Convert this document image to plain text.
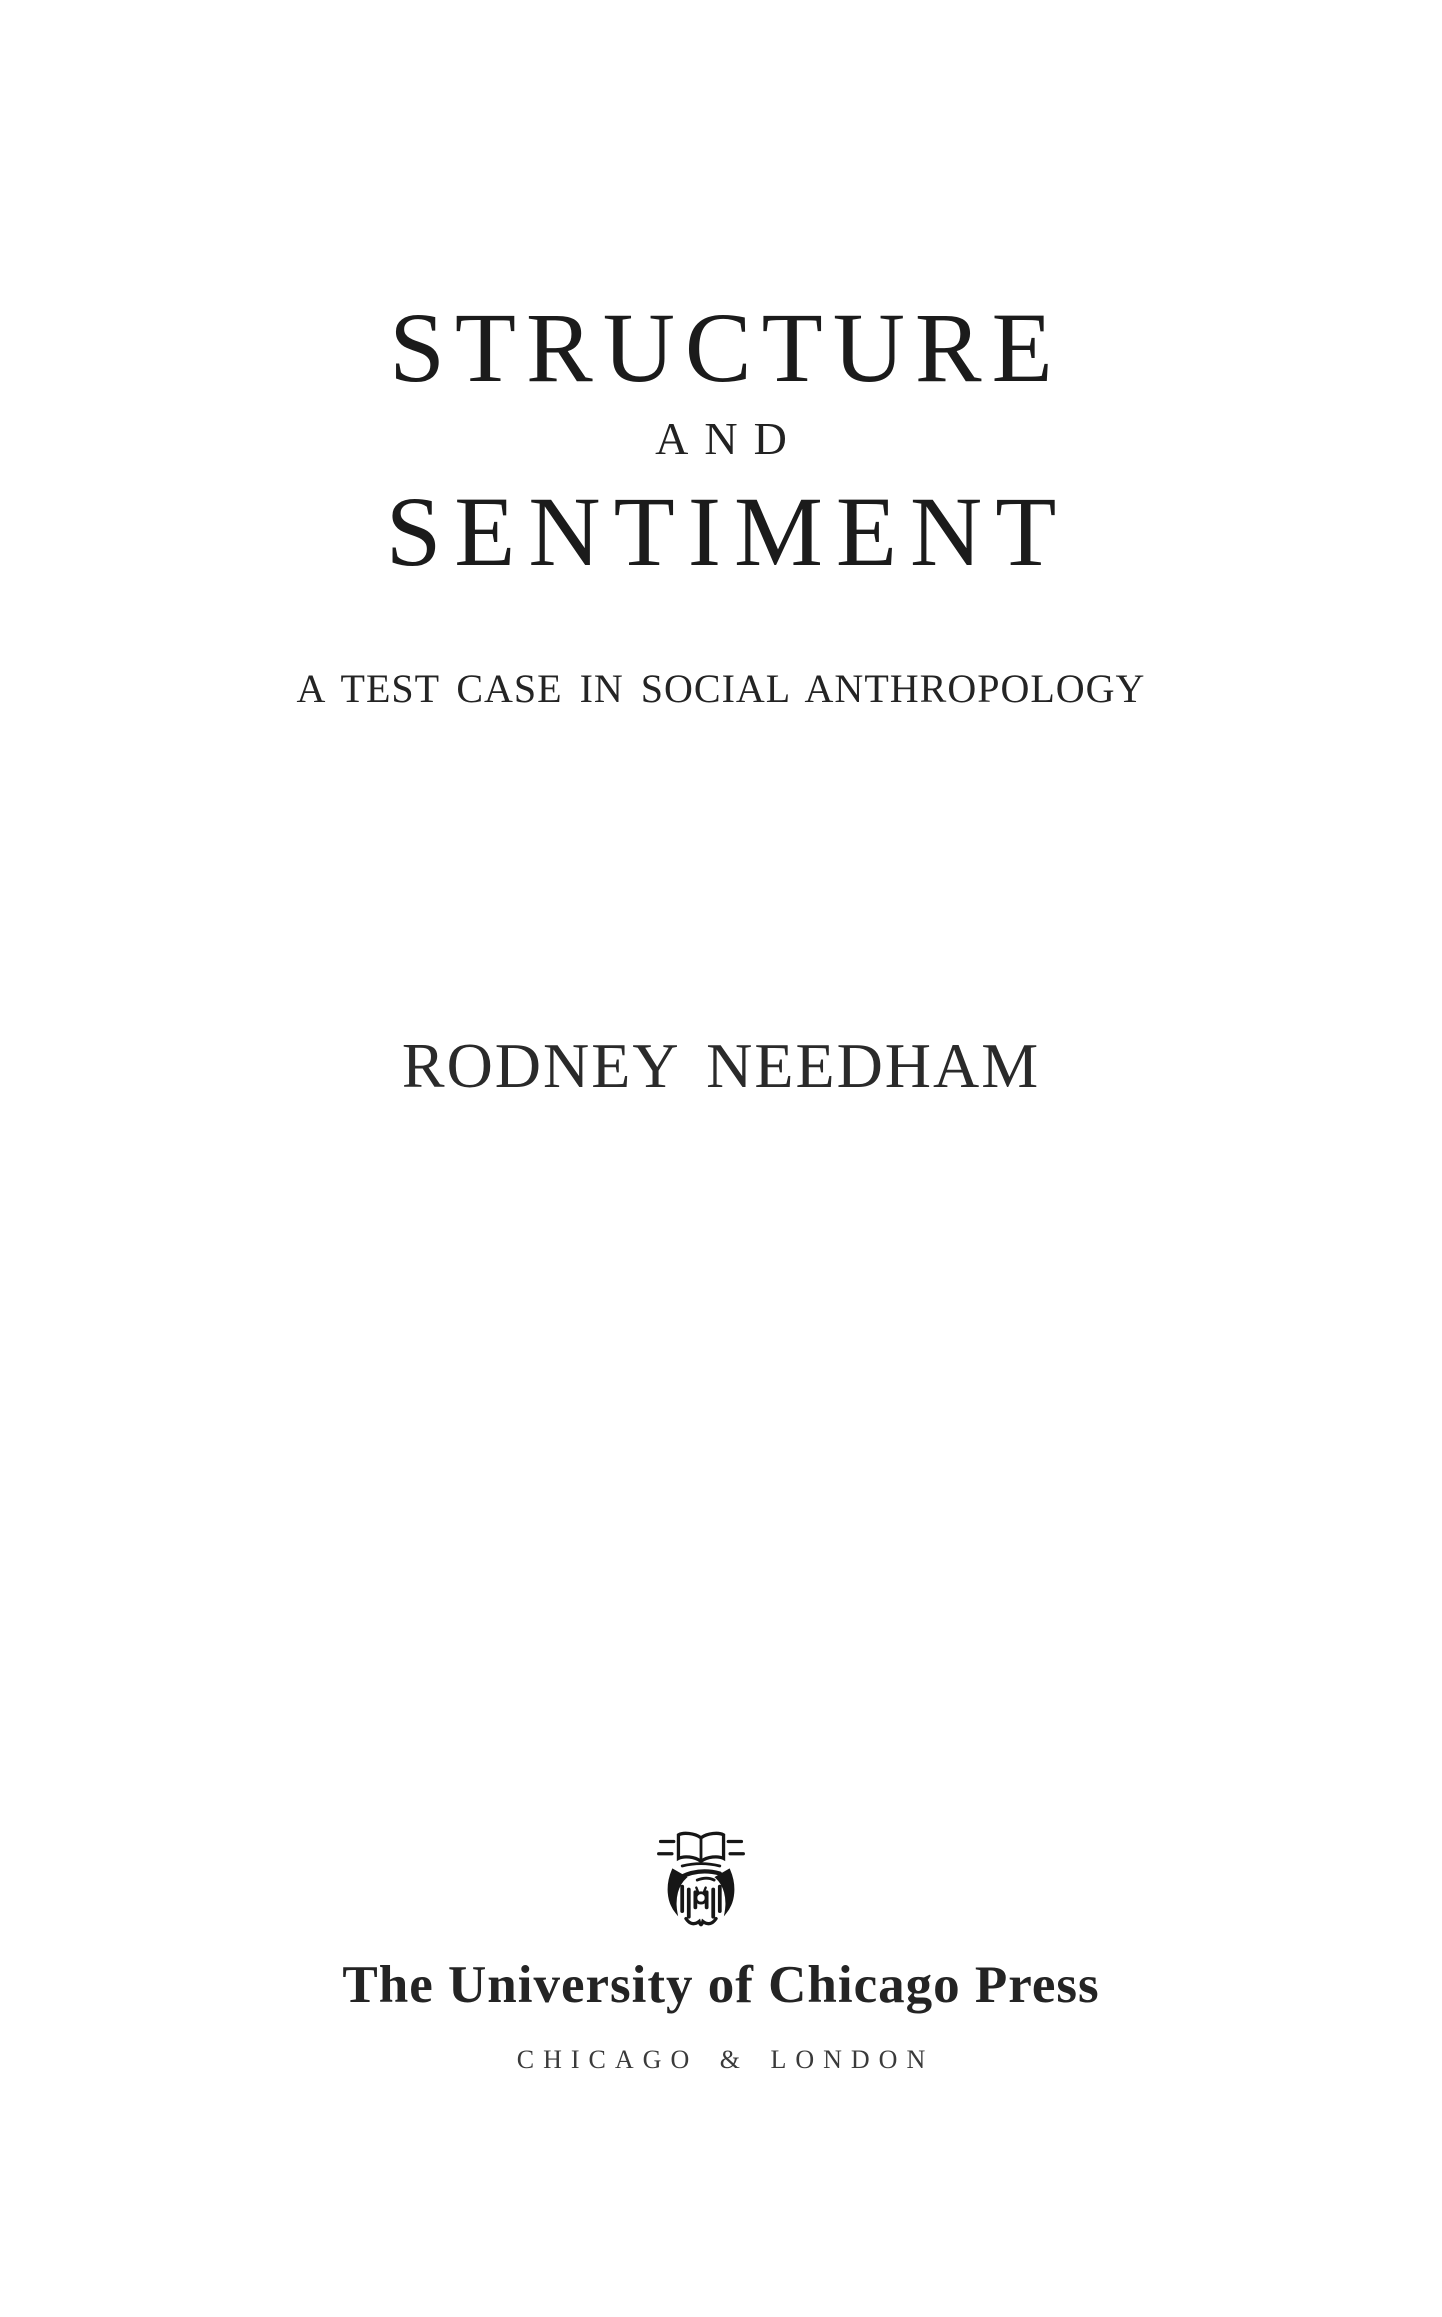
STRUCTURE
AND
SENTIMENT
A TEST CASE IN SOCIAL ANTHROPOLOGY
RODNEY NEEDHAM
The University of Chicago Press
CHICAGO & LONDON
